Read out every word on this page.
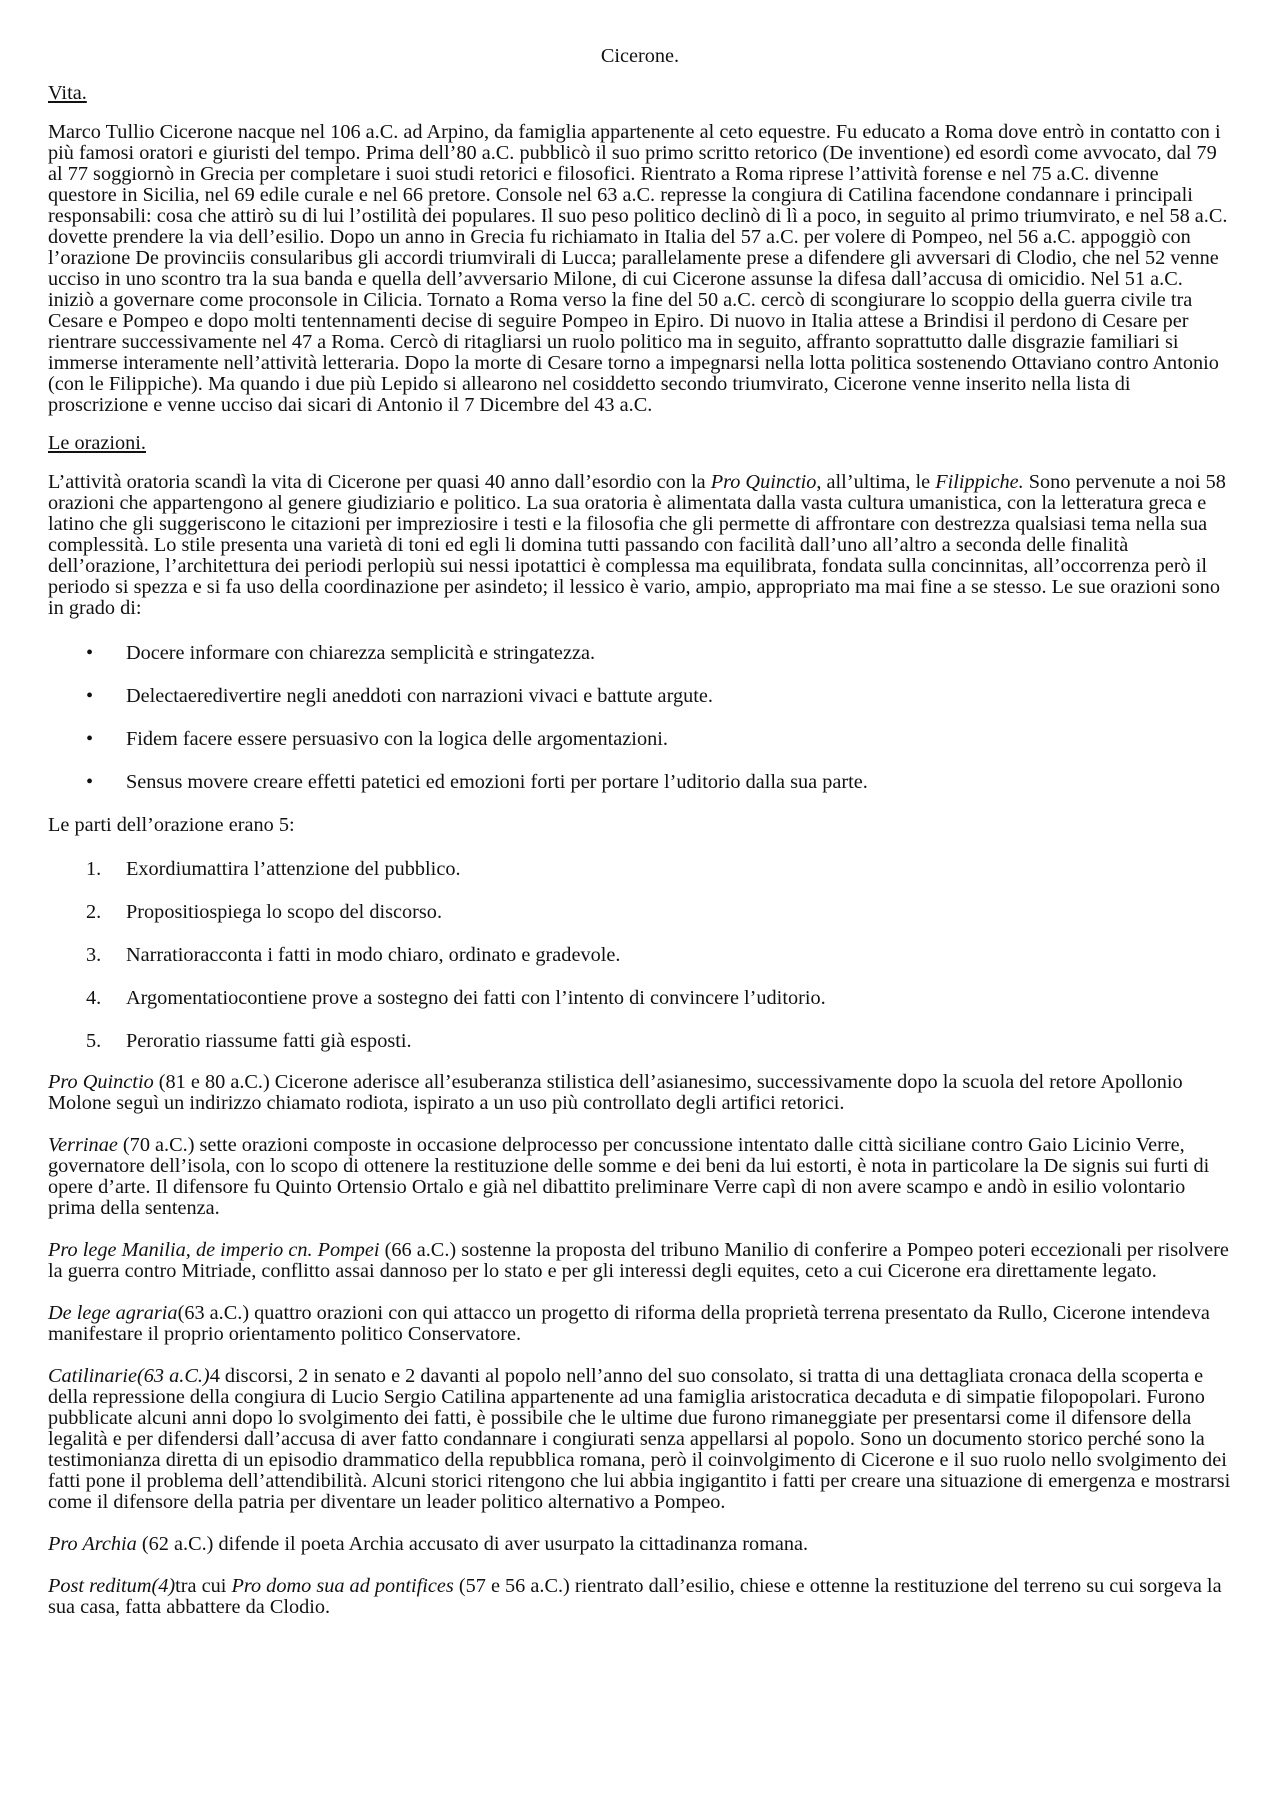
Cicerone.
Vita.

Marco Tullio Cicerone nacque nel 106 a.C. ad Arpino, da famiglia appartenente al ceto equestre. Fu educato a Roma dove entrò in contatto con i più famosi oratori e giuristi del tempo. Prima dell’80 a.C. pubblicò il suo primo scritto retorico (De inventione) ed esordì come avvocato, dal 79 al 77 soggiornò in Grecia per completare i suoi studi retorici e filosofici. Rientrato a Roma riprese l’attività forense e nel 75 a.C. divenne questore in Sicilia, nel 69 edile curale e nel 66 pretore. Console nel 63 a.C. represse la congiura di Catilina facendone condannare i principali responsabili: cosa che attirò su di lui l’ostilità dei populares. Il suo peso politico declinò di lì a poco, in seguito al primo triumvirato, e nel 58 a.C. dovette prendere la via dell’esilio. Dopo un anno in Grecia fu richiamato in Italia del 57 a.C. per volere di Pompeo, nel 56 a.C. appoggiò con l’orazione De provinciis consularibus gli accordi triumvirali di Lucca; parallelamente prese a difendere gli avversari di Clodio, che nel 52 venne ucciso in uno scontro tra la sua banda e quella dell’avversario Milone, di cui Cicerone assunse la difesa dall’accusa di omicidio. Nel 51 a.C. iniziò a governare come proconsole in Cilicia. Tornato a Roma verso la fine del 50 a.C. cercò di scongiurare lo scoppio della guerra civile tra Cesare e Pompeo e dopo molti tentennamenti decise di seguire Pompeo in Epiro. Di nuovo in Italia attese a Brindisi il perdono di Cesare per rientrare successivamente nel 47 a Roma. Cercò di ritagliarsi un ruolo politico ma in seguito, affranto soprattutto dalle disgrazie familiari si immerse interamente nell’attività letteraria. Dopo la morte di Cesare torno a impegnarsi nella lotta politica sostenendo Ottaviano contro Antonio (con le Filippiche). Ma quando i due più Lepido si allearono nel cosiddetto secondo triumvirato, Cicerone venne inserito nella lista di proscrizione e venne ucciso dai sicari di Antonio il 7 Dicembre del 43 a.C.

Le orazioni.

L’attività oratoria scandì la vita di Cicerone per quasi 40 anno dall’esordio con la Pro Quinctio, all’ultima, le Filippiche. Sono pervenute a noi 58 orazioni che appartengono al genere giudiziario e politico. La sua oratoria è alimentata dalla vasta cultura umanistica, con la letteratura greca e latino che gli suggeriscono le citazioni per impreziosire i testi e la filosofia che gli permette di affrontare con destrezza qualsiasi tema nella sua complessità. Lo stile presenta una varietà di toni ed egli li domina tutti passando con facilità dall’uno all’altro a seconda delle finalità dell’orazione, l’architettura dei periodi perlopiù sui nessi ipotattici è complessa ma equilibrata, fondata sulla concinnitas, all’occorrenza però il periodo si spezza e si fa uso della coordinazione per asindeto; il lessico è vario, ampio, appropriato ma mai fine a se stesso. Le sue orazioni sono in grado di:

•	Docere informare con chiarezza semplicità e stringatezza.
•	Delectaeredivertire negli aneddoti con narrazioni vivaci e battute argute.
•	Fidem facere essere persuasivo con la logica delle argomentazioni.
•	Sensus movere creare effetti patetici ed emozioni forti per portare l’uditorio dalla sua parte.
Le parti dell’orazione erano 5:
1.	Exordiumattira l’attenzione del pubblico.
2.	Propositiospiega lo scopo del discorso.
3.	Narratioracconta i fatti in modo chiaro, ordinato e gradevole.
4.	Argomentatiocontiene prove a sostegno dei fatti con l’intento di convincere l’uditorio.
5.	Peroratio riassume fatti già esposti.

Pro Quinctio (81 e 80 a.C.) Cicerone aderisce all’esuberanza stilistica dell’asianesimo, successivamente dopo la scuola del retore Apollonio Molone seguì un indirizzo chiamato rodiota, ispirato a un uso più controllato degli artifici retorici.

Verrinae (70 a.C.) sette orazioni composte in occasione delprocesso per concussione intentato dalle città siciliane contro Gaio Licinio Verre, governatore dell’isola, con lo scopo di ottenere la restituzione delle somme e dei beni da lui estorti, è nota in particolare la De signis sui furti di opere d’arte. Il difensore fu Quinto Ortensio Ortalo e già nel dibattito preliminare Verre capì di non avere scampo e andò in esilio volontario prima della sentenza.

Pro lege Manilia, de imperio cn. Pompei (66 a.C.) sostenne la proposta del tribuno Manilio di conferire a Pompeo poteri eccezionali per risolvere la guerra contro Mitriade, conflitto assai dannoso per lo stato e per gli interessi degli equites, ceto a cui Cicerone era direttamente legato.

De lege agraria(63 a.C.) quattro orazioni con qui attacco un progetto di riforma della proprietà terrena presentato da Rullo, Cicerone intendeva manifestare il proprio orientamento politico Conservatore.

Catilinarie(63 a.C.)4 discorsi, 2 in senato e 2 davanti al popolo nell’anno del suo consolato, si tratta di una dettagliata cronaca della scoperta e della repressione della congiura di Lucio Sergio Catilina appartenente ad una famiglia aristocratica decaduta e di simpatie filopopolari. Furono pubblicate alcuni anni dopo lo svolgimento dei fatti, è possibile che le ultime due furono rimaneggiate per presentarsi come il difensore della legalità e per difendersi dall’accusa di aver fatto condannare i congiurati senza appellarsi al popolo. Sono un documento storico perché sono la testimonianza diretta di un episodio drammatico della repubblica romana, però il coinvolgimento di Cicerone e il suo ruolo nello svolgimento dei fatti pone il problema dell’attendibilità. Alcuni storici ritengono che lui abbia ingigantito i fatti per creare una situazione di emergenza e mostrarsi come il difensore della patria per diventare un leader politico alternativo a Pompeo.

Pro Archia (62 a.C.) difende il poeta Archia accusato di aver usurpato la cittadinanza romana.

Post reditum(4)tra cui Pro domo sua ad pontifices (57 e 56 a.C.) rientrato dall’esilio, chiese e ottenne la restituzione del terreno su cui sorgeva la sua casa, fatta abbattere da Clodio.
